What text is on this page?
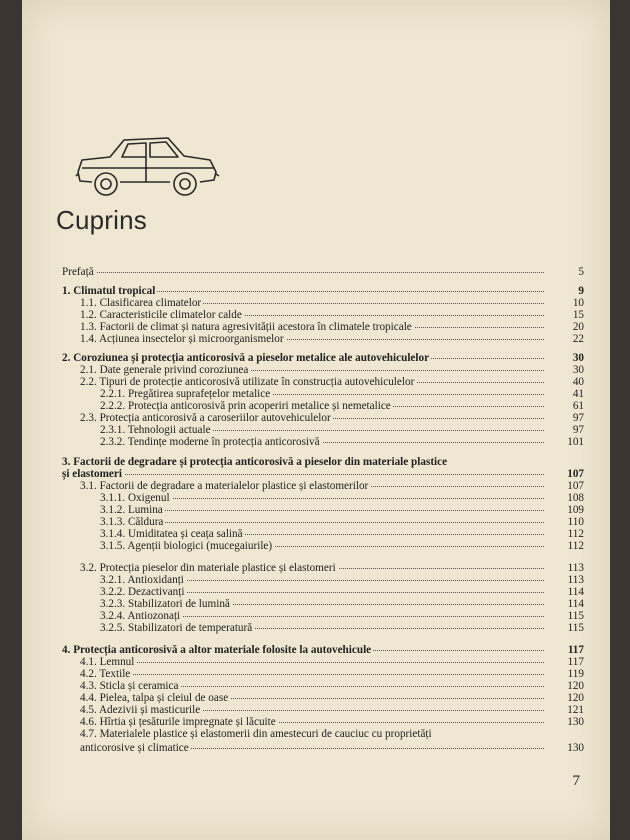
Cuprins
Prefață	5
1. Climatul tropical	9
1.1. Clasificarea climatelor	10
1.2. Caracteristicile climatelor calde	15
1.3. Factorii de climat și natura agresivității acestora în climatele tropicale	20
1.4. Acțiunea insectelor și microorganismelor	22
2. Coroziunea și protecția anticorosivă a pieselor metalice ale autovehiculelor	30
2.1. Date generale privind coroziunea	30
2.2. Tipuri de protecție anticorosivă utilizate în construcția autovehiculelor	40
2.2.1. Pregătirea suprafețelor metalice	41
2.2.2. Protecția anticorosivă prin acoperiri metalice și nemetalice	61
2.3. Protecția anticorosivă a caroseriilor autovehiculelor	97
2.3.1. Tehnologii actuale	97
2.3.2. Tendințe moderne în protecția anticorosivă	101
3. Factorii de degradare și protecția anticorosivă a pieselor din materiale plastice
și elastomeri	107
3.1. Factorii de degradare a materialelor plastice și elastomerilor	107
3.1.1. Oxigenul	108
3.1.2. Lumina	109
3.1.3. Căldura	110
3.1.4. Umiditatea și ceața salină	112
3.1.5. Agenții biologici (mucegaiurile)	112
3.2. Protecția pieselor din materiale plastice și elastomeri	113
3.2.1. Antioxidanți	113
3.2.2. Dezactivanți	114
3.2.3. Stabilizatori de lumină	114
3.2.4. Antiozonați	115
3.2.5. Stabilizatori de temperatură	115
4. Protecția anticorosivă a altor materiale folosite la autovehicule	117
4.1. Lemnul	117
4.2. Textile	119
4.3. Sticla și ceramica	120
4.4. Pielea, talpa și cleiul de oase	120
4.5. Adezivii și masticurile	121
4.6. Hîrtia și țesăturile impregnate și lăcuite	130
4.7. Materialele plastice și elastomerii din amestecuri de cauciuc cu proprietăți
anticorosive și climatice	130
7
